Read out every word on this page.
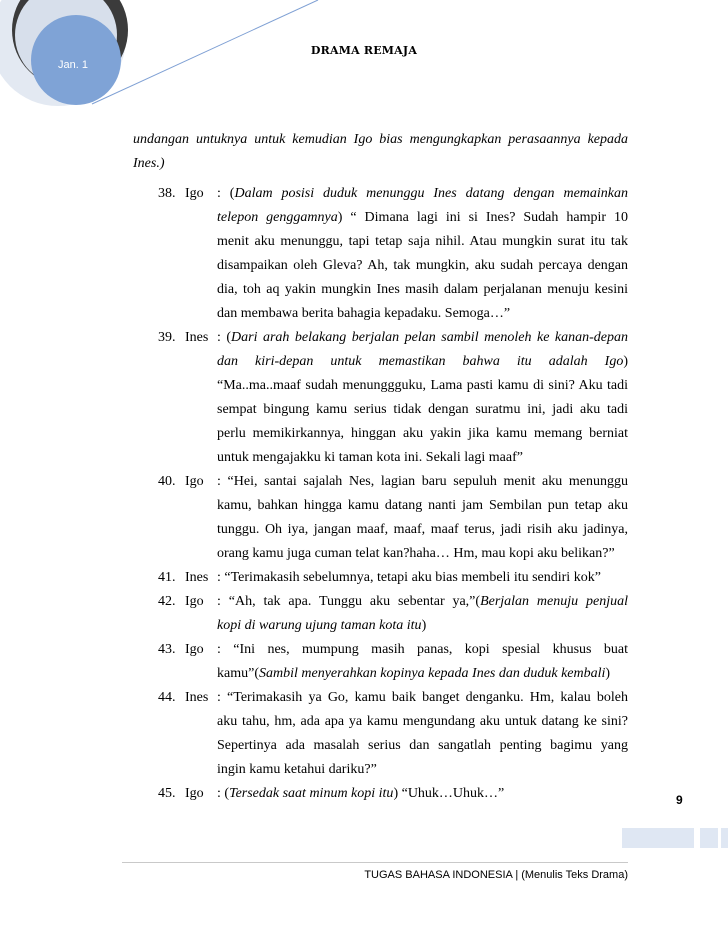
Jan. 1
DRAMA REMAJA
undangan untuknya untuk kemudian Igo bias mengungkapkan perasaannya kepada
Ines.)
38. Igo : (Dalam posisi duduk menunggu Ines datang dengan memainkan
telepon genggamnya) “ Dimana lagi ini si Ines? Sudah hampir 10
menit aku menunggu, tapi tetap saja nihil. Atau mungkin surat itu tak
disampaikan oleh Gleva? Ah, tak mungkin, aku sudah percaya dengan
dia, toh aq yakin mungkin Ines masih dalam perjalanan menuju kesini
dan membawa berita bahagia kepadaku. Semoga…”
39. Ines : (Dari arah belakang berjalan pelan sambil menoleh ke kanan-depan
dan kiri-depan untuk memastikan bahwa itu adalah Igo)
“Ma..ma..maaf sudah menunggguku, Lama pasti kamu di sini? Aku tadi
sempat bingung kamu serius tidak dengan suratmu ini, jadi aku tadi
perlu memikirkannya, hinggan aku yakin jika kamu memang berniat
untuk mengajakku ki taman kota ini. Sekali lagi maaf”
40. Igo : “Hei, santai sajalah Nes, lagian baru sepuluh menit aku menunggu
kamu, bahkan hingga kamu datang nanti jam Sembilan pun tetap aku
tunggu. Oh iya, jangan maaf, maaf, maaf terus, jadi risih aku jadinya,
orang kamu juga cuman telat kan?haha… Hm, mau kopi aku belikan?”
41. Ines : “Terimakasih sebelumnya, tetapi aku bias membeli itu sendiri kok”
42. Igo : “Ah, tak apa. Tunggu aku sebentar ya,”(Berjalan menuju penjual
kopi di warung ujung taman kota itu)
43. Igo : “Ini nes, mumpung masih panas, kopi spesial khusus buat
kamu”(Sambil menyerahkan kopinya kepada Ines dan duduk kembali)
44. Ines : “Terimakasih ya Go, kamu baik banget denganku. Hm, kalau boleh
aku tahu, hm, ada apa ya kamu mengundang aku untuk datang ke sini?
Sepertinya ada masalah serius dan sangatlah penting bagimu yang
ingin kamu ketahui dariku?”
45. Igo : (Tersedak saat minum kopi itu) “Uhuk…Uhuk…”	9
TUGAS BAHASA INDONESIA | (Menulis Teks Drama)
